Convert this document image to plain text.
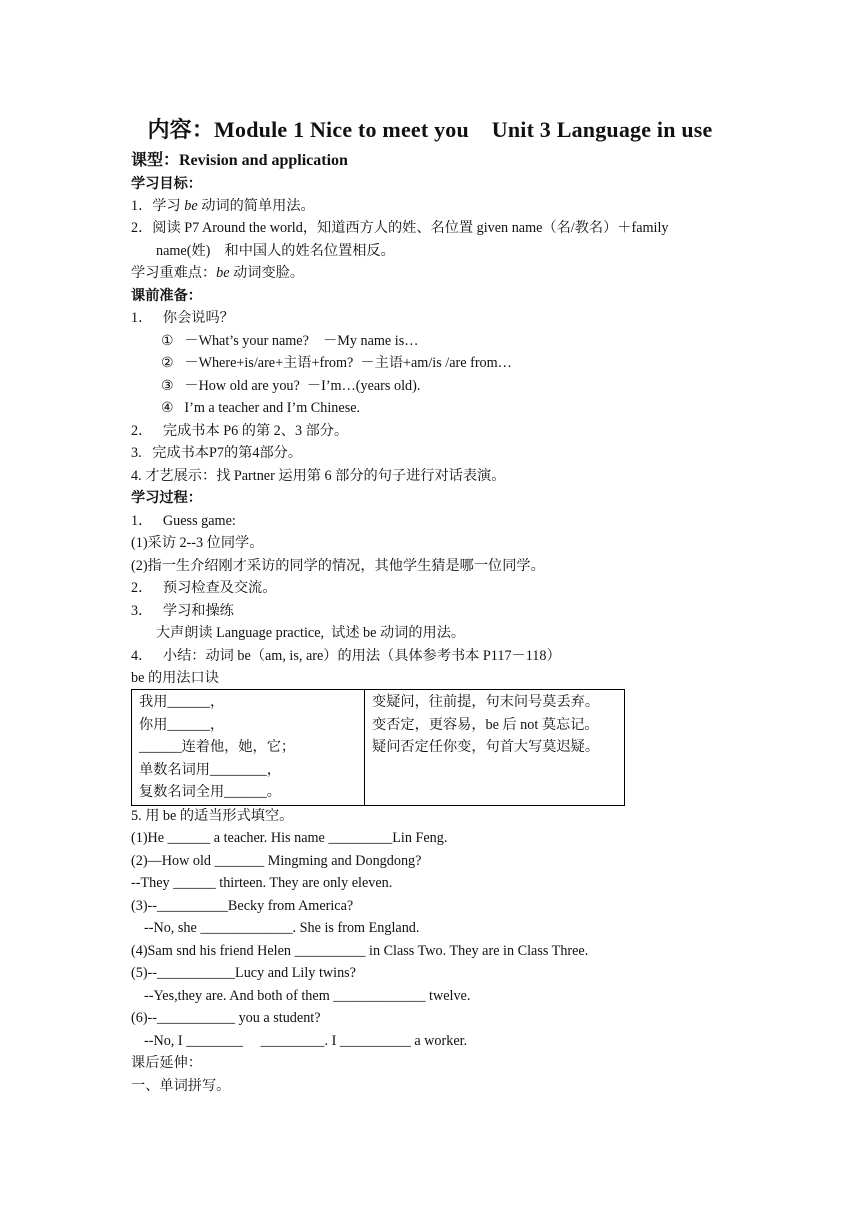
内容：Module 1 Nice to meet you    Unit 3 Language in use
课型：Revision and application
学习目标：
1．学习 be 动词的简单用法。
2．阅读 P7 Around the world，知道西方人的姓、名位置 given name（名/教名）＋family
name(姓)    和中国人的姓名位置相反。
学习重难点：be 动词变脸。
课前准备：
1．   你会说吗？
① －What’s your name?    －My name is…
② －Where+is/are+主语+from?  －主语+am/is /are from…
③ －How old are you?  －I’m…(years old).
④ I’m a teacher and I’m Chinese.
2．   完成书本 P6 的第 2、3 部分。
3.   完成书本P7的第4部分。
4. 才艺展示：找 Partner 运用第 6 部分的句子进行对话表演。
学习过程：
1．   Guess game:
(1)采访 2--3 位同学。
(2)指一生介绍刚才采访的同学的情况，其他学生猜是哪一位同学。
2．   预习检查及交流。
3．   学习和操练
大声朗读 Language practice,  试述 be 动词的用法。
4．   小结：动词 be（am, is, are）的用法（具体参考书本 P117－118）
be 的用法口诀
我用______，
你用______，
______连着他，她，它；
单数名词用________，
复数名词全用______。

变疑问，往前提，句末问号莫丢弃。
变否定，更容易，be 后 not 莫忘记。
疑问否定任你变，句首大写莫迟疑。
5. 用 be 的适当形式填空。
(1)He ______ a teacher. His name _________Lin Feng.
(2)—How old _______ Mingming and Dongdong?
--They ______ thirteen. They are only eleven.
(3)--__________Becky from America?
--No, she _____________. She is from England.
(4)Sam snd his friend Helen __________ in Class Two. They are in Class Three.
(5)--___________Lucy and Lily twins?
--Yes,they are. And both of them _____________ twelve.
(6)--___________ you a student?
--No, I ________     _________. I __________ a worker.
课后延伸：
一、单词拼写。
